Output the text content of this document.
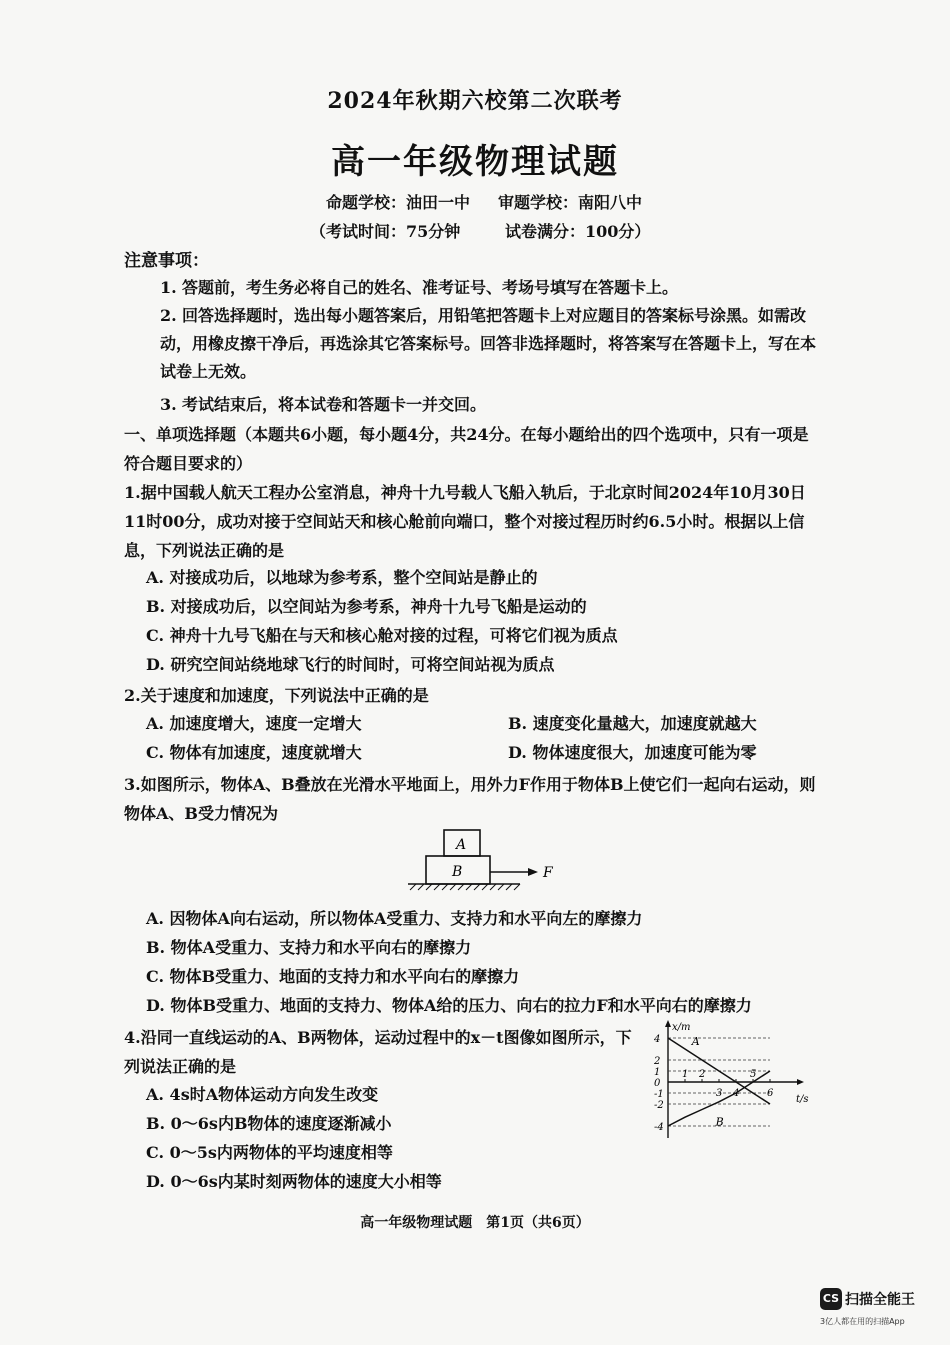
2024年秋期六校第二次联考
高一年级物理试题
命题学校：油田一中 审题学校：南阳八中
（考试时间：75分钟	试卷满分：100分）
注意事项：
1. 答题前，考生务必将自己的姓名、准考证号、考场号填写在答题卡上。
2. 回答选择题时，选出每小题答案后，用铅笔把答题卡上对应题目的答案标号涂黑。如需改动，用橡皮擦干净后，再选涂其它答案标号。回答非选择题时，将答案写在答题卡上，写在本试卷上无效。
3. 考试结束后，将本试卷和答题卡一并交回。
一、单项选择题（本题共6小题，每小题4分，共24分。在每小题给出的四个选项中，只有一项是符合题目要求的）
1.据中国载人航天工程办公室消息，神舟十九号载人飞船入轨后，于北京时间2024年10月30日11时00分，成功对接于空间站天和核心舱前向端口，整个对接过程历时约6.5小时。根据以上信息，下列说法正确的是
A. 对接成功后，以地球为参考系，整个空间站是静止的
B. 对接成功后，以空间站为参考系，神舟十九号飞船是运动的
C. 神舟十九号飞船在与天和核心舱对接的过程，可将它们视为质点
D. 研究空间站绕地球飞行的时间时，可将空间站视为质点
2.关于速度和加速度，下列说法中正确的是
A. 加速度增大，速度一定增大	B. 速度变化量越大，加速度就越大
C. 物体有加速度，速度就增大	D. 物体速度很大，加速度可能为零
3.如图所示，物体A、B叠放在光滑水平地面上，用外力F作用于物体B上使它们一起向右运动，则物体A、B受力情况为
A
B	F
A. 因物体A向右运动，所以物体A受重力、支持力和水平向左的摩擦力
B. 物体A受重力、支持力和水平向右的摩擦力
C. 物体B受重力、地面的支持力和水平向右的摩擦力
D. 物体B受重力、地面的支持力、物体A给的压力、向右的拉力F和水平向右的摩擦力
4.沿同一直线运动的A、B两物体，运动过程中的x－t图像如图所示，下列说法正确的是
A. 4s时A物体运动方向发生改变
B. 0～6s内B物体的速度逐渐减小
C. 0～5s内两物体的平均速度相等
D. 0～6s内某时刻两物体的速度大小相等
x/m
t/s
4
2
1
0
-1
-2
-4
1 2
3 4
5
6
A
B
高一年级物理试题　第1页（共6页）
CS 扫描全能王
3亿人都在用的扫描App
